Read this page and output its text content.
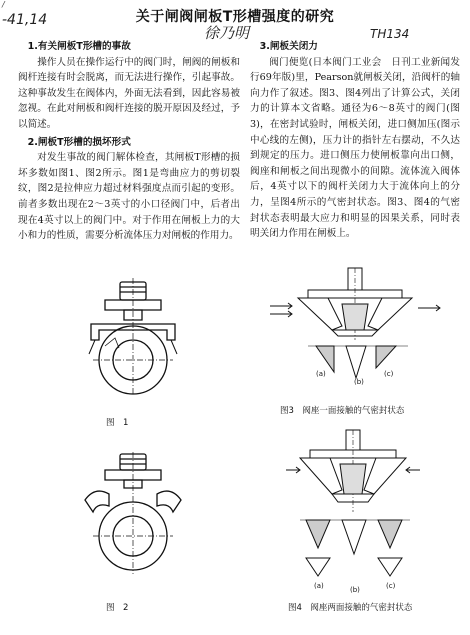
/
-41,14
徐乃明	TH134
关于闸阀闸板T形槽强度的研究
1.有关闸板T形槽的事故

操作人员在操作运行中的阀门时，闸阀的闸板和阀杆连接有时会脱离，而无法进行操作，引起事故。这种事故发生在阀体内，外面无法看到，因此容易被忽视。在此对闸板和阀杆连接的脱开原因及经过，予以简述。

2.闸板T形槽的损坏形式

对发生事故的阀门解体检查，其闸板T形槽的损坏多数如图1、图2所示。图1是弯曲应力的剪切裂纹，图2是拉伸应力超过材料强度点而引起的变形。前者多数出现在2～3英寸的小口径阀门中，后者出现在4英寸以上的阀门中。对于作用在闸板上力的大小和力的性质，需要分析流体压力对闸板的作用力。

3.闸板关闭力

阀门便览(日本阀门工业会　日刊工业新闻发行69年版)里，Pearson就闸板关闭，沿阀杆的轴向力作了叙述。图3、图4列出了计算公式，关闭力的计算本文省略。通径为6～8英寸的阀门(图3)，在密封试验时，闸板关闭，进口侧加压(图示中心线的左侧)，压力计的指针左右摆动，不久达到规定的压力。进口侧压力使闸板靠向出口侧，阀座和闸板之间出现微小的间隙。流体流入阀体后，4英寸以下的阀杆关闭力大于流体向上的分力，呈图4所示的气密封状态。图3、图4的气密封状态表明最大应力和明显的因果关系，同时表明关闭力作用在闸板上。

图　1
图　2
(a)
(b)
(c)
图3　阀座一面接触的气密封状态
(a)	(b)	(c)
图4　阀座两面接触的气密封状态
